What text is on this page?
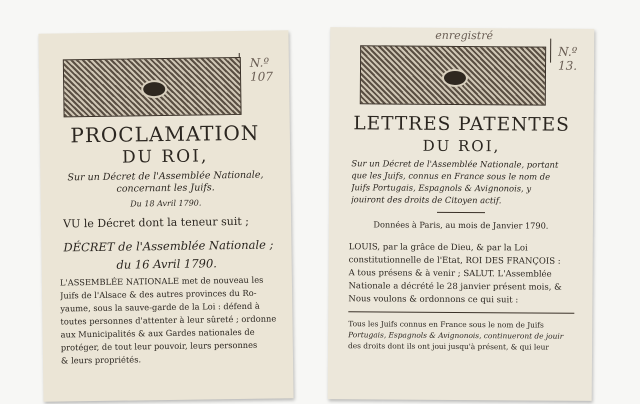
N.º 107
PROCLAMATION
DU ROI,
Sur un Décret de l'Assemblée Nationale,
concernant les Juifs.
Du 18 Avril 1790.
VU le Décret dont la teneur suit ;
DÉCRET de l'Assemblée Nationale ;
du 16 Avril 1790.
L'ASSEMBLÉE NATIONALE met de nouveau les
Juifs de l'Alsace & des autres provinces du Ro-
yaume, sous la sauve-garde de la Loi : défend à
toutes personnes d'attenter à leur sûreté ; ordonne
aux Municipalités & aux Gardes nationales de
protéger, de tout leur pouvoir, leurs personnes
& leurs propriétés.
enregistré
N.º 13.
LETTRES PATENTES
DU ROI,
Sur un Décret de l'Assemblée Nationale, portant
que les Juifs, connus en France sous le nom de
Juifs Portugais, Espagnols & Avignonois, y
jouiront des droits de Citoyen actif.
Données à Paris, au mois de Janvier 1790.
LOUIS, par la grâce de Dieu, & par la Loi
constitutionnelle de l'État, ROI DES FRANÇOIS :
A tous présens & à venir ; SALUT. L'Assemblée
Nationale a décrété le 28 janvier présent mois, &
Nous voulons & ordonnons ce qui suit :
Tous les Juifs connus en France sous le nom de Juifs
Portugais, Espagnols & Avignonois, continueront de jouir
des droits dont ils ont joui jusqu'à présent, & qui leur
